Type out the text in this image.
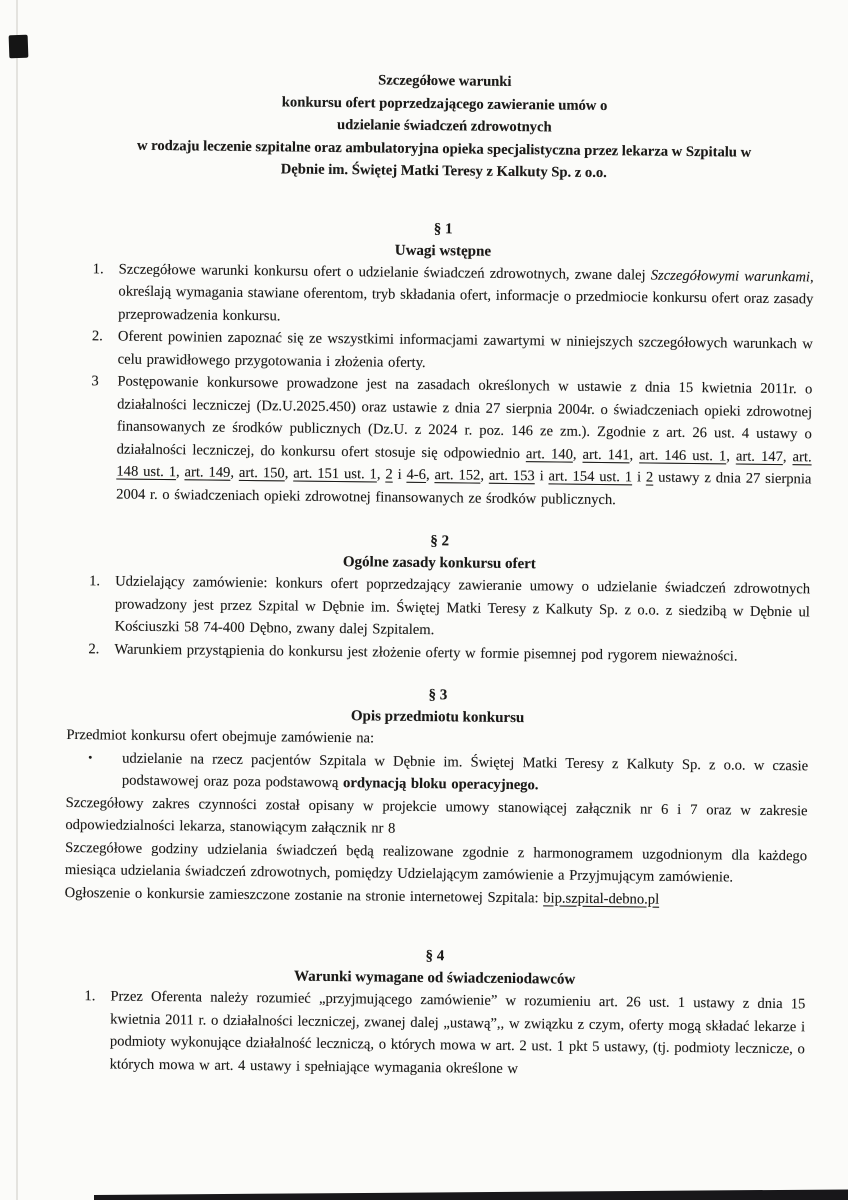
Szczegółowe warunki
konkursu ofert poprzedzającego zawieranie umów o
udzielanie świadczeń zdrowotnych
w rodzaju leczenie szpitalne oraz ambulatoryjna opieka specjalistyczna przez lekarza w Szpitalu w
Dębnie im. Świętej Matki Teresy z Kalkuty Sp. z o.o.
§ 1
Uwagi wstępne
1. Szczegółowe warunki konkursu ofert o udzielanie świadczeń zdrowotnych, zwane dalej Szczegółowymi warunkami, określają wymagania stawiane oferentom, tryb składania ofert, informacje o przedmiocie konkursu ofert oraz zasady przeprowadzenia konkursu.
2. Oferent powinien zapoznać się ze wszystkimi informacjami zawartymi w niniejszych szczegółowych warunkach w celu prawidłowego przygotowania i złożenia oferty.
3 Postępowanie konkursowe prowadzone jest na zasadach określonych w ustawie z dnia 15 kwietnia 2011r. o działalności leczniczej (Dz.U.2025.450) oraz ustawie z dnia 27 sierpnia 2004r. o świadczeniach opieki zdrowotnej finansowanych ze środków publicznych (Dz.U. z 2024 r. poz. 146 ze zm.). Zgodnie z art. 26 ust. 4 ustawy o działalności leczniczej, do konkursu ofert stosuje się odpowiednio art. 140, art. 141, art. 146 ust. 1, art. 147, art. 148 ust. 1, art. 149, art. 150, art. 151 ust. 1, 2 i 4-6, art. 152, art. 153 i art. 154 ust. 1 i 2 ustawy z dnia 27 sierpnia 2004 r. o świadczeniach opieki zdrowotnej finansowanych ze środków publicznych.
§ 2
Ogólne zasady konkursu ofert
1. Udzielający zamówienie: konkurs ofert poprzedzający zawieranie umowy o udzielanie świadczeń zdrowotnych prowadzony jest przez Szpital w Dębnie im. Świętej Matki Teresy z Kalkuty Sp. z o.o. z siedzibą w Dębnie ul Kościuszki 58 74-400 Dębno, zwany dalej Szpitalem.
2. Warunkiem przystąpienia do konkursu jest złożenie oferty w formie pisemnej pod rygorem nieważności.
§ 3
Opis przedmiotu konkursu

Przedmiot konkursu ofert obejmuje zamówienie na:

• udzielanie na rzecz pacjentów Szpitala w Dębnie im. Świętej Matki Teresy z Kalkuty Sp. z o.o. w czasie podstawowej oraz poza podstawową ordynacją bloku operacyjnego.

Szczegółowy zakres czynności został opisany w projekcie umowy stanowiącej załącznik nr 6 i 7 oraz w zakresie odpowiedzialności lekarza, stanowiącym załącznik nr 8

Szczegółowe godziny udzielania świadczeń będą realizowane zgodnie z harmonogramem uzgodnionym dla każdego miesiąca udzielania świadczeń zdrowotnych, pomiędzy Udzielającym zamówienie a Przyjmującym zamówienie.

Ogłoszenie o konkursie zamieszczone zostanie na stronie internetowej Szpitala: bip.szpital-debno.pl

§ 4
Warunki wymagane od świadczeniodawców
1. Przez Oferenta należy rozumieć „przyjmującego zamówienie” w rozumieniu art. 26 ust. 1 ustawy z dnia 15 kwietnia 2011 r. o działalności leczniczej, zwanej dalej „ustawą”,, w związku z czym, oferty mogą składać lekarze i podmioty wykonujące działalność leczniczą, o których mowa w art. 2 ust. 1 pkt 5 ustawy, (tj. podmioty lecznicze, o których mowa w art. 4 ustawy i spełniające wymagania określone w
